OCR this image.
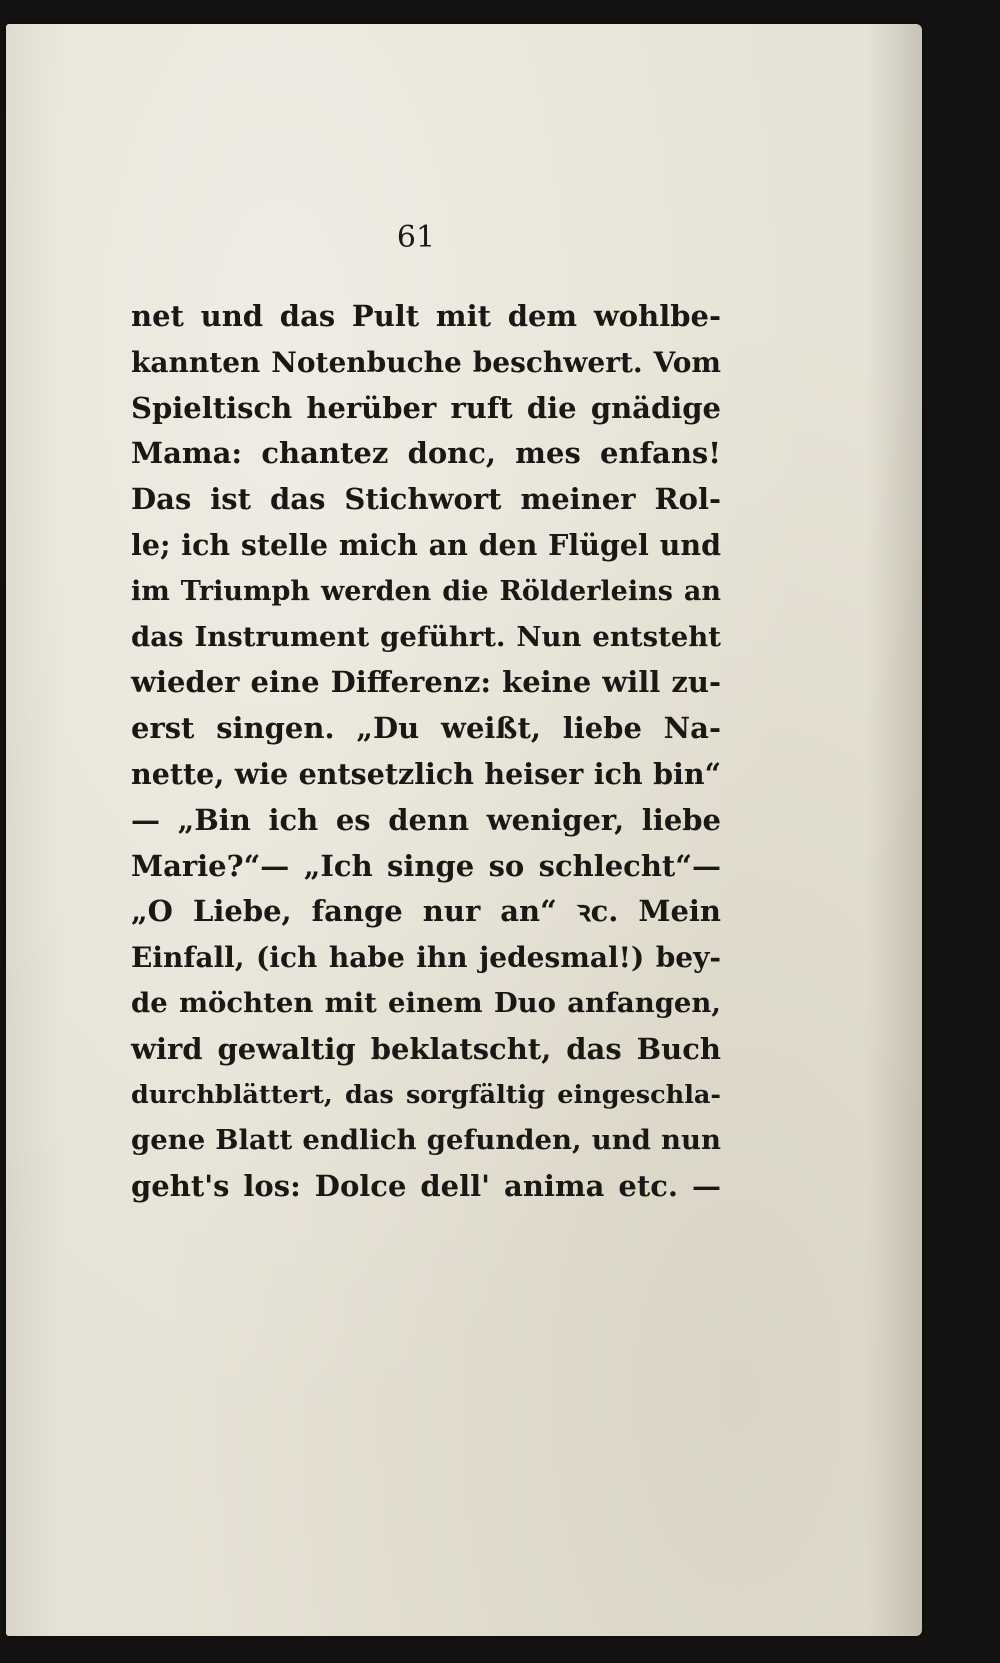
61
net und das Pult mit dem wohlbe-
kannten Notenbuche beschwert. Vom
Spieltisch herüber ruft die gnädige
Mama: chantez donc, mes enfans!
Das ist das Stichwort meiner Rol-
le; ich stelle mich an den Flügel und
im Triumph werden die Rölderleins an
das Instrument geführt. Nun entsteht
wieder eine Differenz: keine will zu-
erst singen. „Du weißt, liebe Na-
nette, wie entsetzlich heiser ich bin“
— „Bin ich es denn weniger, liebe
Marie?“— „Ich singe so schlecht“—
„O Liebe, fange nur an“ ꝛc. Mein
Einfall, (ich habe ihn jedesmal!) bey-
de möchten mit einem Duo anfangen,
wird gewaltig beklatscht, das Buch
durchblättert, das sorgfältig eingeschla-
gene Blatt endlich gefunden, und nun
geht's los: Dolce dell' anima etc. —
